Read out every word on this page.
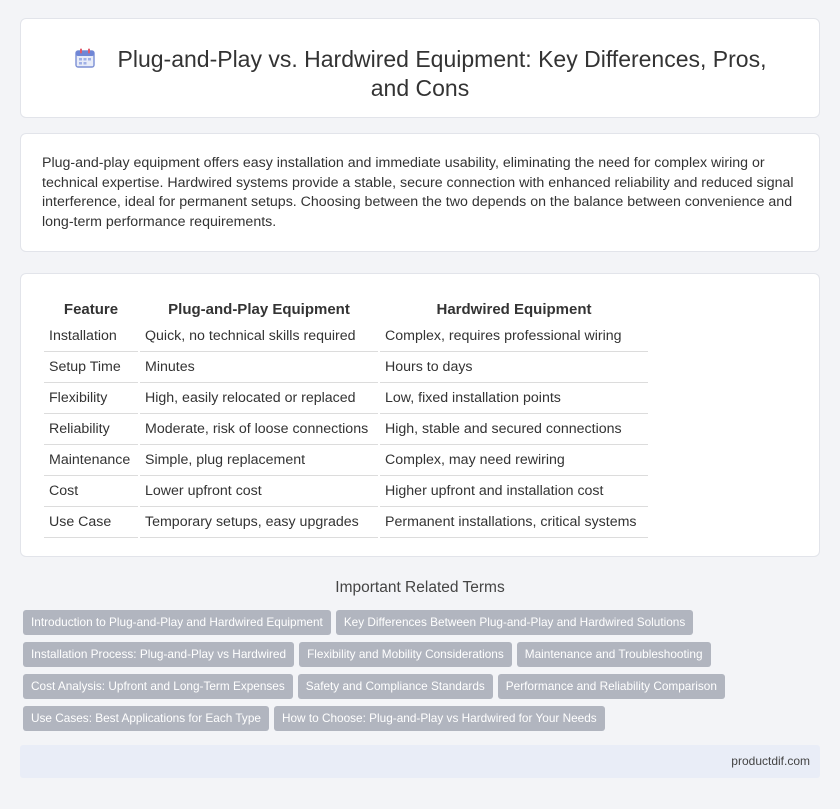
Plug-and-Play vs. Hardwired Equipment: Key Differences, Pros, and Cons

Plug-and-play equipment offers easy installation and immediate usability, eliminating the need for complex wiring or technical expertise. Hardwired systems provide a stable, secure connection with enhanced reliability and reduced signal interference, ideal for permanent setups. Choosing between the two depends on the balance between convenience and long-term performance requirements.

Feature	Plug-and-Play Equipment	Hardwired Equipment
Installation	Quick, no technical skills required	Complex, requires professional wiring
Setup Time	Minutes	Hours to days
Flexibility	High, easily relocated or replaced	Low, fixed installation points
Reliability	Moderate, risk of loose connections	High, stable and secured connections
Maintenance	Simple, plug replacement	Complex, may need rewiring
Cost	Lower upfront cost	Higher upfront and installation cost
Use Case	Temporary setups, easy upgrades	Permanent installations, critical systems
Important Related Terms
Introduction to Plug-and-Play and Hardwired Equipment Key Differences Between Plug-and-Play and Hardwired Solutions
Installation Process: Plug-and-Play vs Hardwired Flexibility and Mobility Considerations Maintenance and Troubleshooting
Cost Analysis: Upfront and Long-Term Expenses Safety and Compliance Standards Performance and Reliability Comparison
Use Cases: Best Applications for Each Type How to Choose: Plug-and-Play vs Hardwired for Your Needs
productdif.com
